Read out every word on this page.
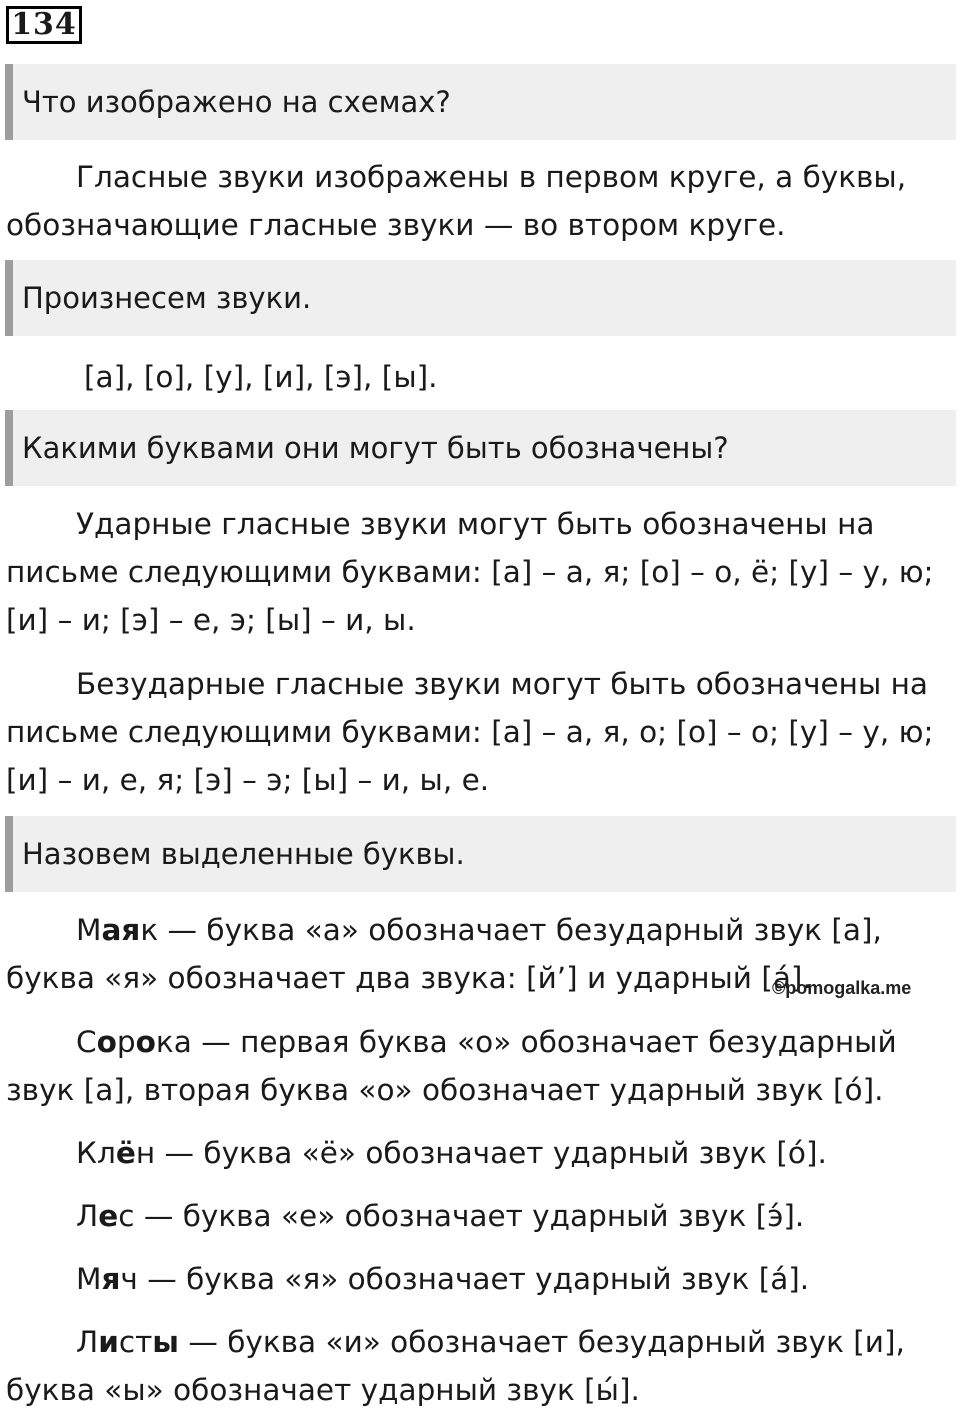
134
Что изображено на схемах?

Гласные звуки изображены в первом круге, а буквы, обозначающие гласные звуки — во втором круге.

Произнесем звуки.

[а], [о], [у], [и], [э], [ы].

Какими буквами они могут быть обозначены?

Ударные гласные звуки могут быть обозначены на письме следующими буквами: [а] – а, я; [о] – о, ё; [у] – у, ю; [и] – и; [э] – е, э; [ы] – и, ы.

Безударные гласные звуки могут быть обозначены на письме следующими буквами: [а] – а, я, о; [о] – о; [у] – у, ю; [и] – и, е, я; [э] – э; [ы] – и, ы, е.

Назовем выделенные буквы.

Маяк — буква «а» обозначает безударный звук [а], буква «я» обозначает два звука: [й’] и ударный [а́].

Сорока — первая буква «о» обозначает безударный звук [а], вторая буква «о» обозначает ударный звук [о́].

Клён — буква «ё» обозначает ударный звук [о́].

Лес — буква «е» обозначает ударный звук [э́].

Мяч — буква «я» обозначает ударный звук [а́].

Листы — буква «и» обозначает безударный звук [и], буква «ы» обозначает ударный звук [ы́].

©pomogalka.me
